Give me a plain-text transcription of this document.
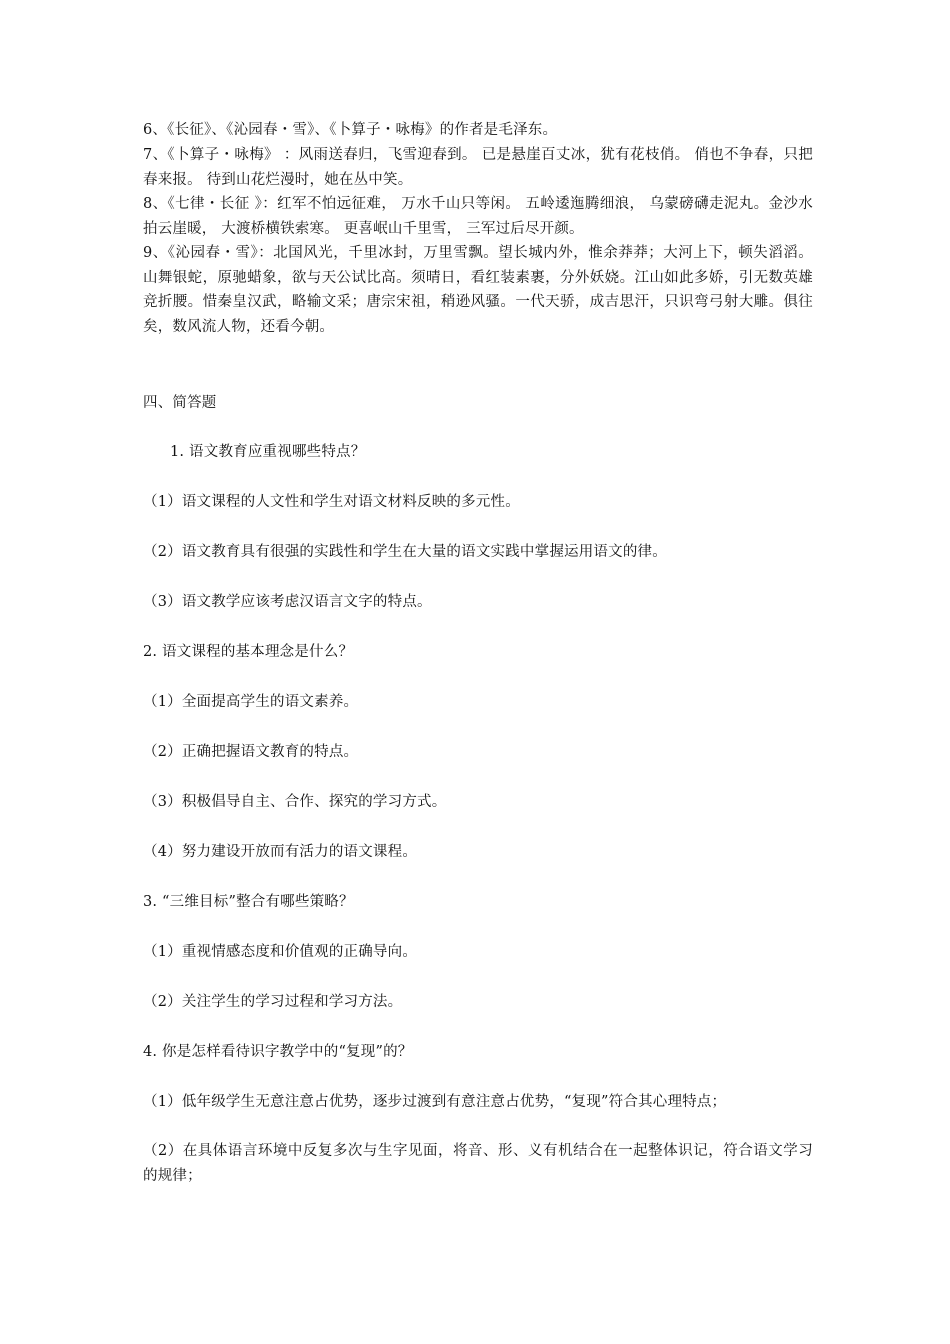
6、《长征》、《沁园春・雪》、《卜算子・咏梅》的作者是毛泽东。
7、《卜算子・咏梅》 ：风雨送春归，飞雪迎春到。 已是悬崖百丈冰，犹有花枝俏。 俏也不争春，只把春来报。 待到山花烂漫时，她在丛中笑。
8、《七律・长征 》：红军不怕远征难， 万水千山只等闲。 五岭逶迤腾细浪， 乌蒙磅礴走泥丸。金沙水拍云崖暖， 大渡桥横铁索寒。 更喜岷山千里雪， 三军过后尽开颜。
9、《沁园春・雪》：北国风光，千里冰封，万里雪飘。望长城内外，惟余莽莽；大河上下，顿失滔滔。山舞银蛇，原驰蜡象，欲与天公试比高。须晴日，看红装素裹，分外妖娆。江山如此多娇，引无数英雄竞折腰。惜秦皇汉武，略输文采；唐宗宋祖，稍逊风骚。一代天骄，成吉思汗，只识弯弓射大雕。俱往矣，数风流人物，还看今朝。
四、简答题
1. 语文教育应重视哪些特点？
（1）语文课程的人文性和学生对语文材料反映的多元性。
（2）语文教育具有很强的实践性和学生在大量的语文实践中掌握运用语文的律。
（3）语文教学应该考虑汉语言文字的特点。
2. 语文课程的基本理念是什么？
（1）全面提高学生的语文素养。
（2）正确把握语文教育的特点。
（3）积极倡导自主、合作、探究的学习方式。
（4）努力建设开放而有活力的语文课程。
3. “三维目标”整合有哪些策略？
（1）重视情感态度和价值观的正确导向。
（2）关注学生的学习过程和学习方法。
4. 你是怎样看待识字教学中的“复现”的？
（1）低年级学生无意注意占优势，逐步过渡到有意注意占优势，“复现”符合其心理特点；
（2）在具体语言环境中反复多次与生字见面，将音、形、义有机结合在一起整体识记，符合语文学习的规律；
